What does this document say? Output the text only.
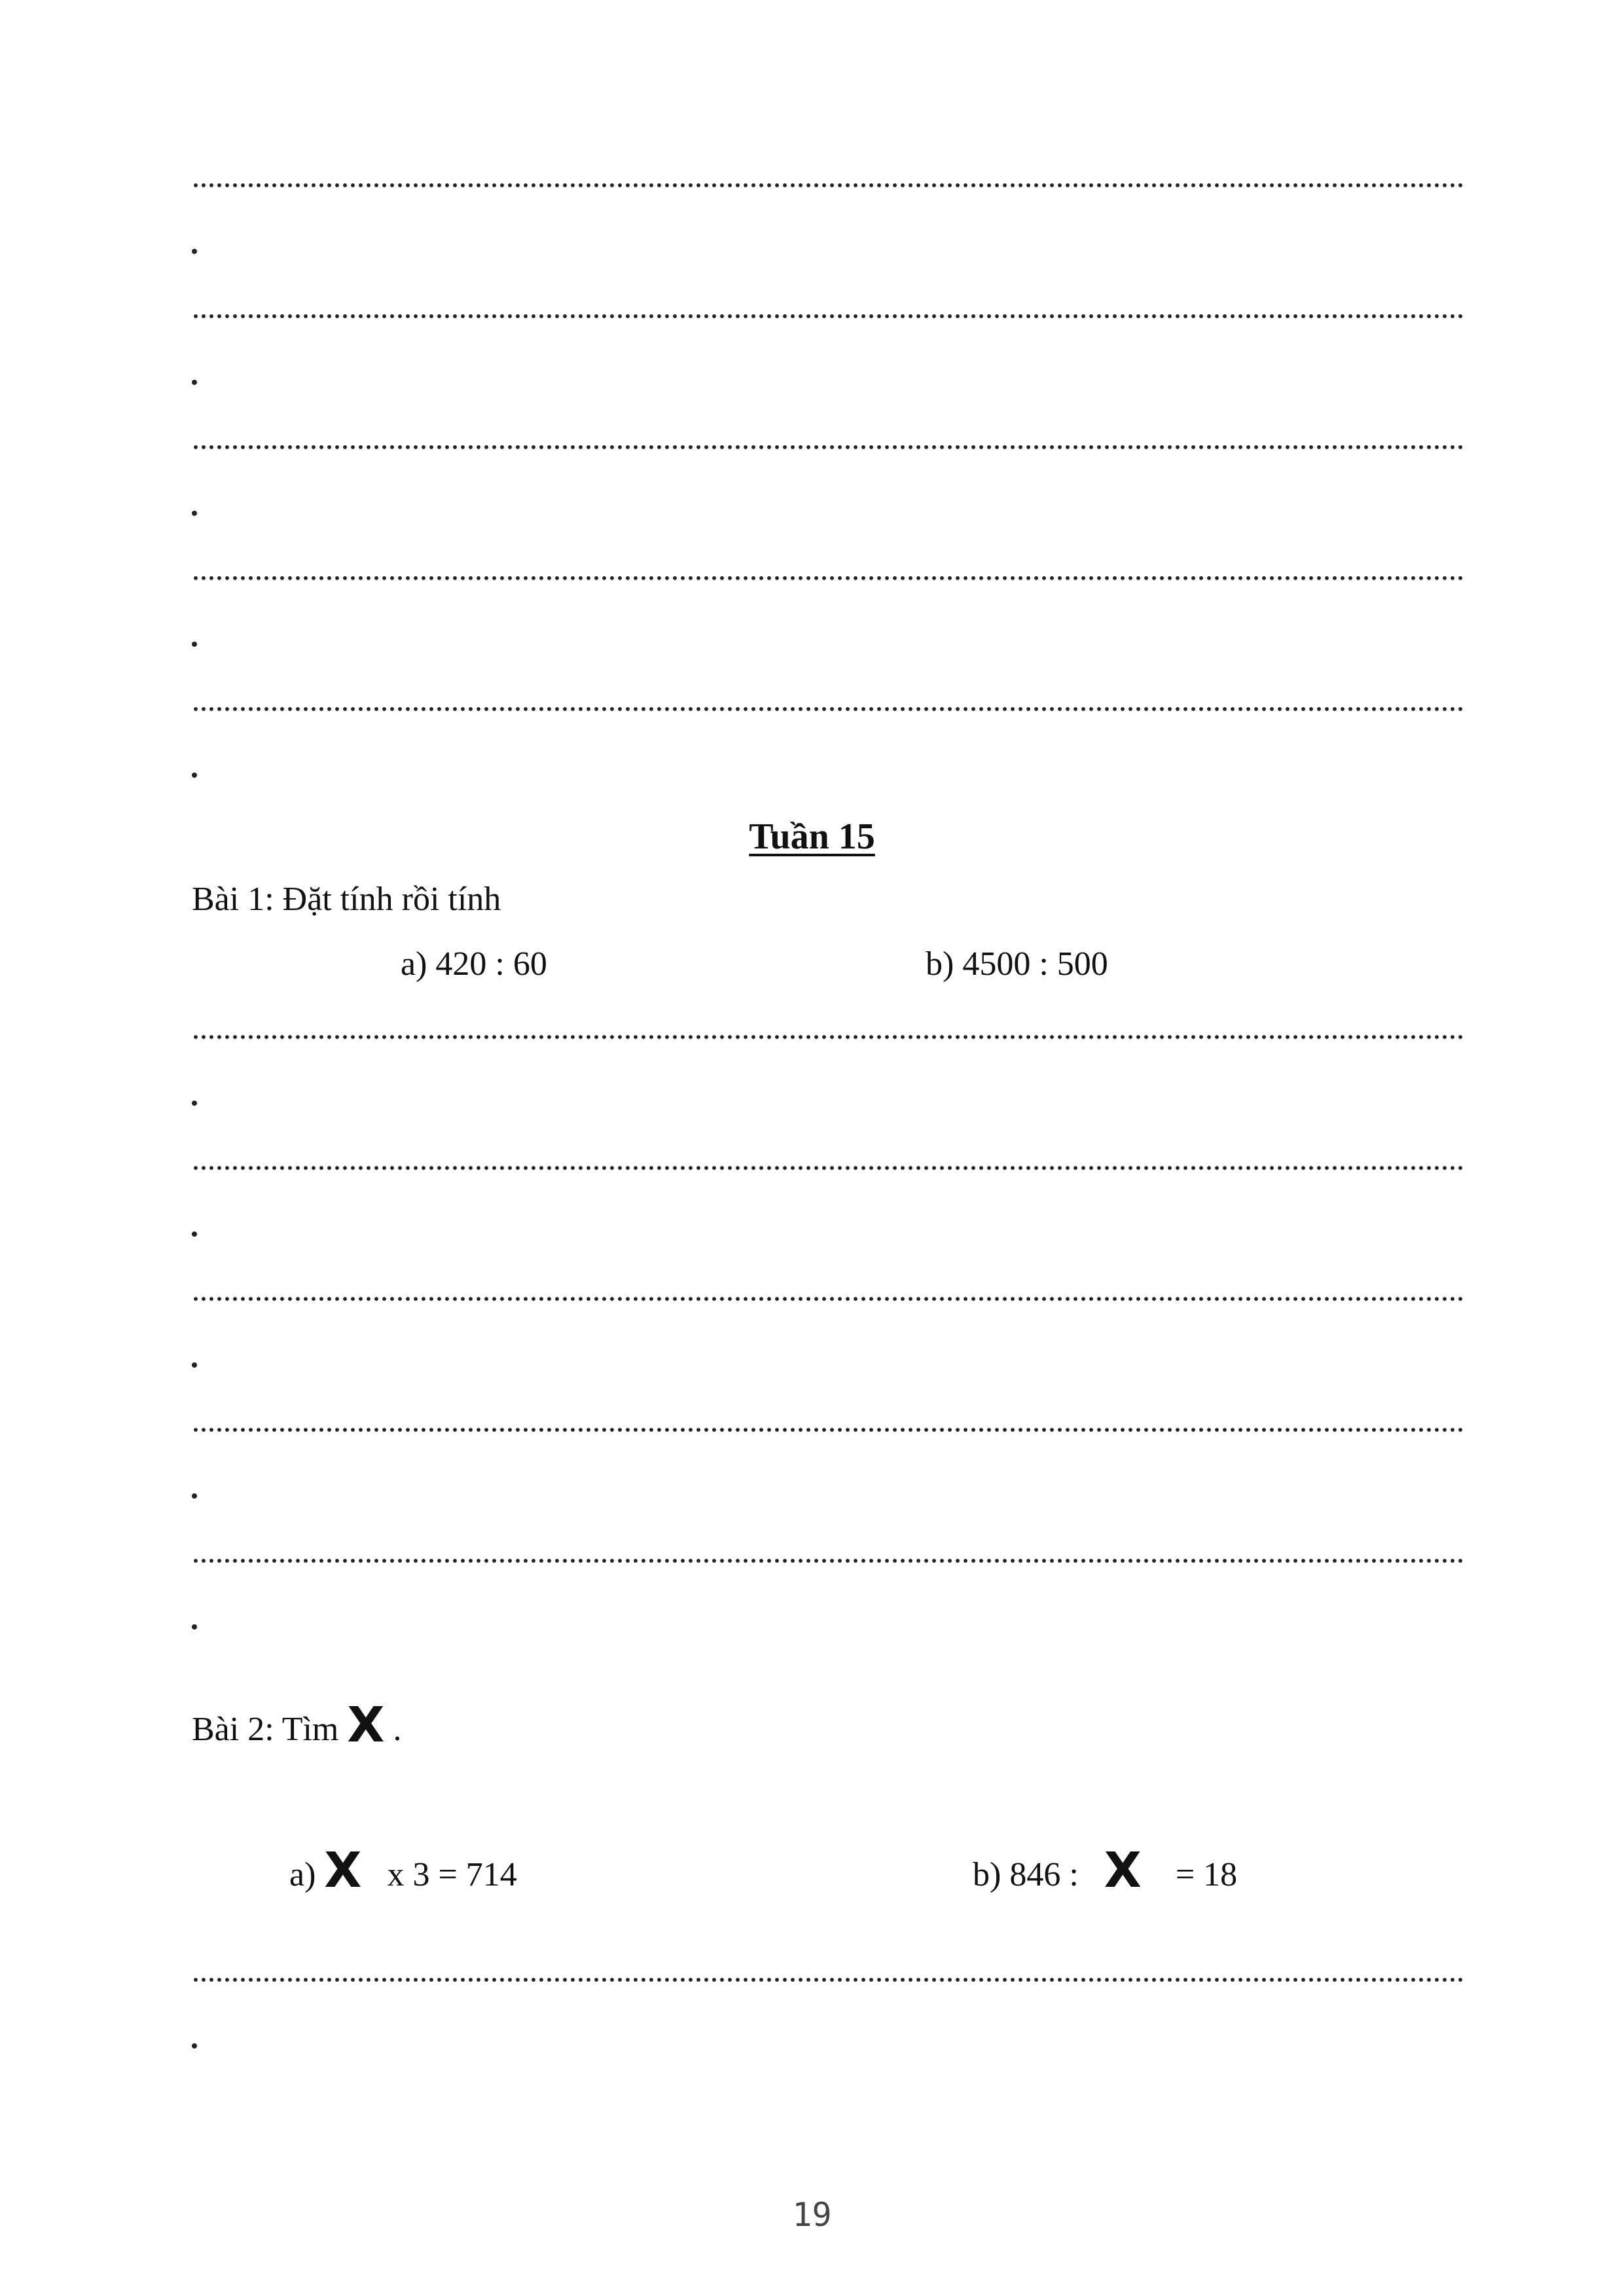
Tuần 15
Bài 1: Đặt tính rồi tính
a) 420 : 60	b) 4500 : 500
Bài 2: Tìm X .
a) X x 3 = 714	b) 846 : X = 18
19
